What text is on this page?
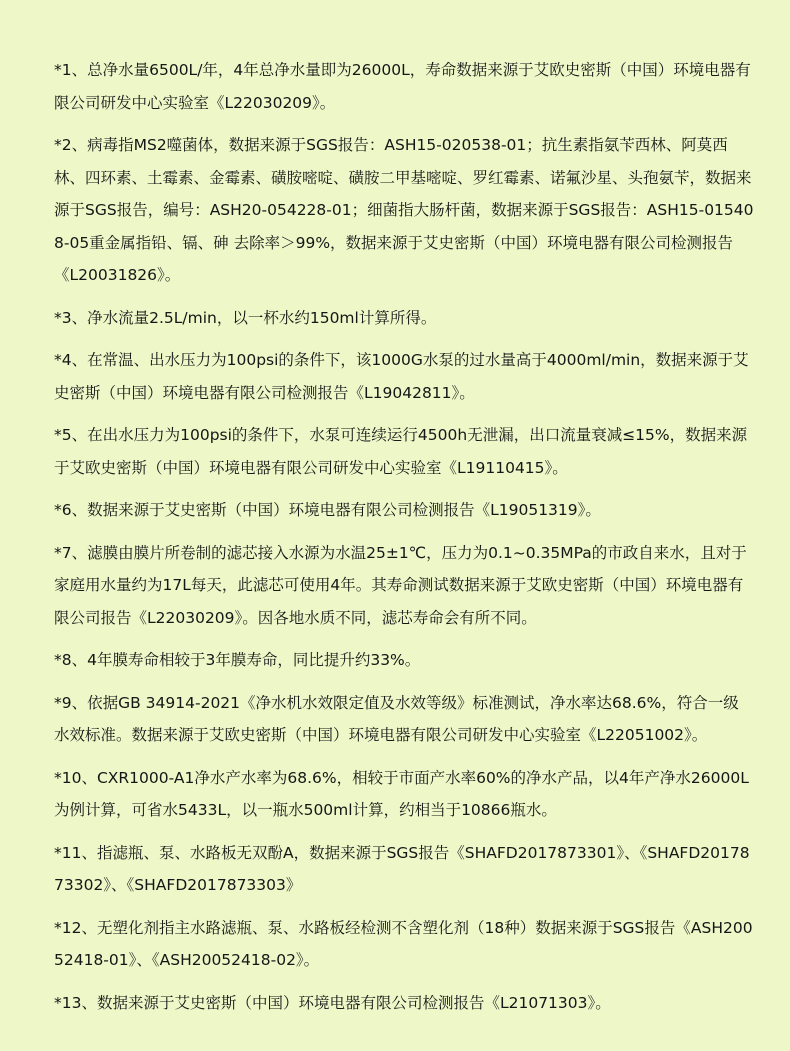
*1、总净水量6500L/年，4年总净水量即为26000L，寿命数据来源于艾欧史密斯（中国）环境电器有限公司研发中心实验室《L22030209》。

*2、病毒指MS2噬菌体，数据来源于SGS报告：ASH15-020538-01；抗生素指氨苄西林、阿莫西林、四环素、土霉素、金霉素、磺胺嘧啶、磺胺二甲基嘧啶、罗红霉素、诺氟沙星、头孢氨苄，数据来源于SGS报告，编号：ASH20-054228-01；细菌指大肠杆菌，数据来源于SGS报告：ASH15-015408-05重金属指铅、镉、砷 去除率＞99%，数据来源于艾史密斯（中国）环境电器有限公司检测报告《L20031826》。

*3、净水流量2.5L/min，以一杯水约150ml计算所得。

*4、在常温、出水压力为100psi的条件下，该1000G水泵的过水量高于4000ml/min，数据来源于艾史密斯（中国）环境电器有限公司检测报告《L19042811》。

*5、在出水压力为100psi的条件下，水泵可连续运行4500h无泄漏，出口流量衰减≤15%，数据来源于艾欧史密斯（中国）环境电器有限公司研发中心实验室《L19110415》。

*6、数据来源于艾史密斯（中国）环境电器有限公司检测报告《L19051319》。

*7、滤膜由膜片所卷制的滤芯接入水源为水温25±1℃，压力为0.1~0.35MPa的市政自来水，且对于家庭用水量约为17L每天，此滤芯可使用4年。其寿命测试数据来源于艾欧史密斯（中国）环境电器有限公司报告《L22030209》。因各地水质不同，滤芯寿命会有所不同。

*8、4年膜寿命相较于3年膜寿命，同比提升约33%。

*9、依据GB 34914-2021《净水机水效限定值及水效等级》标准测试，净水率达68.6%，符合一级水效标准。数据来源于艾欧史密斯（中国）环境电器有限公司研发中心实验室《L22051002》。

*10、CXR1000-A1净水产水率为68.6%，相较于市面产水率60%的净水产品，以4年产净水26000L为例计算，可省水5433L，以一瓶水500ml计算，约相当于10866瓶水。

*11、指滤瓶、泵、水路板无双酚A，数据来源于SGS报告《SHAFD2017873301》、《SHAFD2017873302》、《SHAFD2017873303》

*12、无塑化剂指主水路滤瓶、泵、水路板经检测不含塑化剂（18种）数据来源于SGS报告《ASH20052418-01》、《ASH20052418-02》。

*13、数据来源于艾史密斯（中国）环境电器有限公司检测报告《L21071303》。
